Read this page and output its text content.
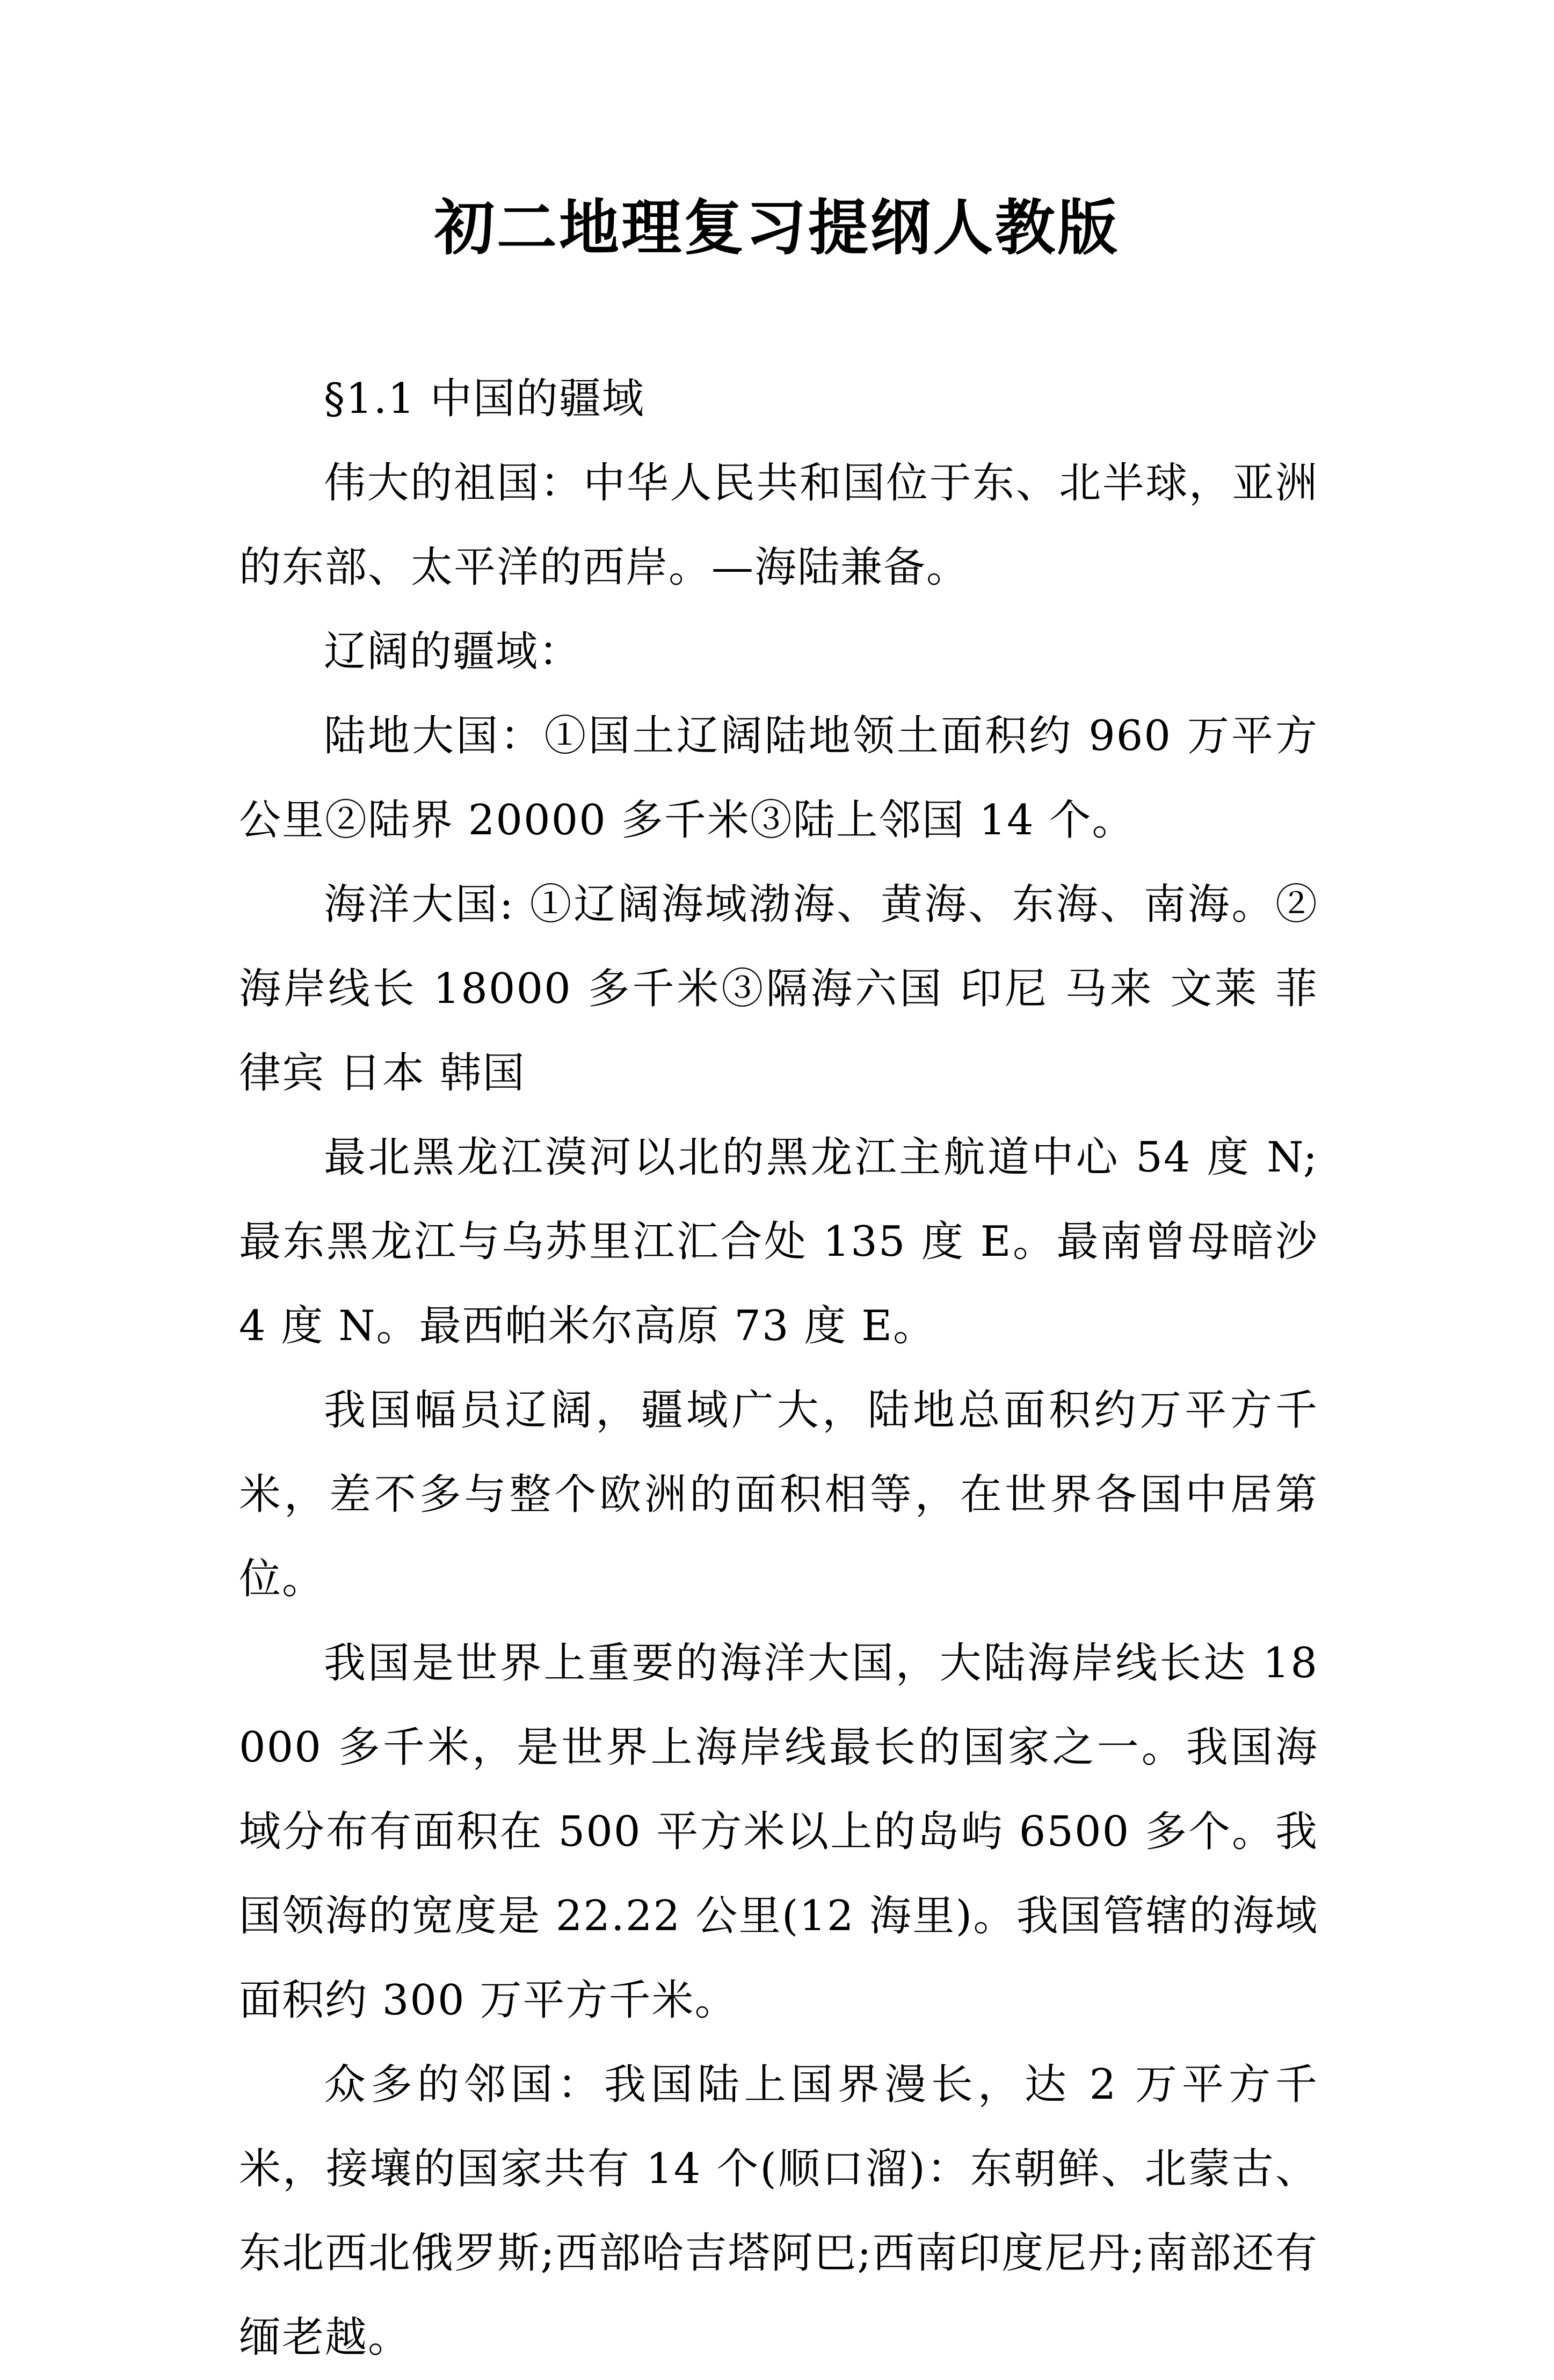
初二地理复习提纲人教版

§1.1 中国的疆域

伟大的祖国：中华人民共和国位于东、北半球，亚洲的东部、太平洋的西岸。—海陆兼备。

辽阔的疆域：

陆地大国：①国土辽阔陆地领土面积约 960 万平方公里②陆界 20000 多千米③陆上邻国 14 个。

海洋大国: ①辽阔海域渤海、黄海、东海、南海。②海岸线长 18000 多千米③隔海六国 印尼 马来 文莱 菲律宾 日本 韩国

最北黑龙江漠河以北的黑龙江主航道中心 54 度 N;最东黑龙江与乌苏里江汇合处 135 度 E。最南曾母暗沙 4 度 N。最西帕米尔高原 73 度 E。

我国幅员辽阔，疆域广大，陆地总面积约万平方千米，差不多与整个欧洲的面积相等，在世界各国中居第位。

我国是世界上重要的海洋大国，大陆海岸线长达 18000 多千米，是世界上海岸线最长的国家之一。我国海域分布有面积在 500 平方米以上的岛屿 6500 多个。我国领海的宽度是 22.22 公里(12 海里)。我国管辖的海域面积约 300 万平方千米。

众多的邻国：我国陆上国界漫长，达 2 万平方千米，接壤的国家共有 14 个(顺口溜)：东朝鲜、北蒙古、东北西北俄罗斯;西部哈吉塔阿巴;西南印度尼丹;南部还有缅老越。
